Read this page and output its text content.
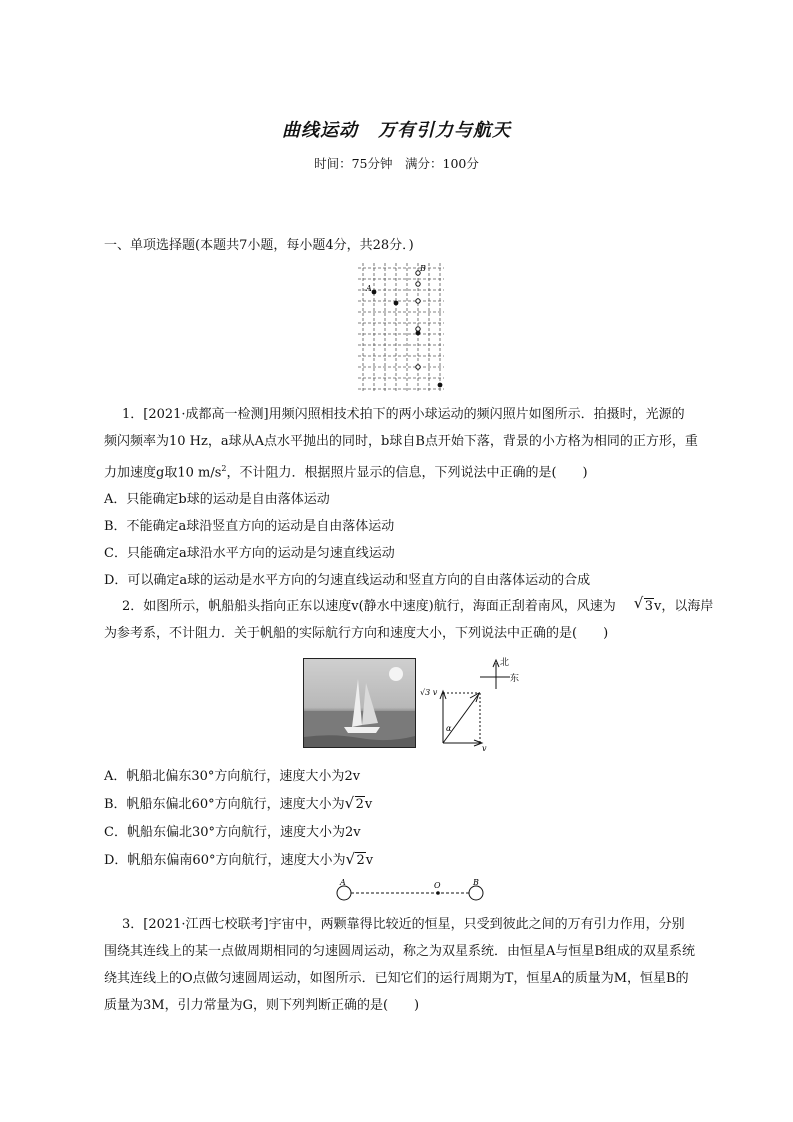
曲线运动 万有引力与航天
时间：75分钟　满分：100分
一、单项选择题(本题共7小题，每小题4分，共28分．)
A
B
1．[2021·成都高一检测]用频闪照相技术拍下的两小球运动的频闪照片如图所示．拍摄时，光源的
频闪频率为10 Hz，a球从A点水平抛出的同时，b球自B点开始下落，背景的小方格为相同的正方形，重
力加速度g取10 $m/s^2$，不计阻力．根据照片显示的信息，下列说法中正确的是(　　)
A．只能确定b球的运动是自由落体运动
B．不能确定a球沿竖直方向的运动是自由落体运动
C．只能确定a球沿水平方向的运动是匀速直线运动
D．可以确定a球的运动是水平方向的匀速直线运动和竖直方向的自由落体运动的合成
2．如图所示，帆船船头指向正东以速度v(静水中速度)航行，海面正刮着南风，风速为	√ 3v，以海岸
为参考系，不计阻力．关于帆船的实际航行方向和速度大小，下列说法中正确的是(　　)
北
东
√3 v
α
v
A．帆船北偏东30°方向航行，速度大小为2v
B．帆船东偏北60°方向航行，速度大小为 √ 2v
C．帆船东偏北30°方向航行，速度大小为2v
D．帆船东偏南60°方向航行，速度大小为 √ 2v
A	O	B
3．[2021·江西七校联考]宇宙中，两颗靠得比较近的恒星，只受到彼此之间的万有引力作用，分别
围绕其连线上的某一点做周期相同的匀速圆周运动，称之为双星系统．由恒星A与恒星B组成的双星系统
绕其连线上的O点做匀速圆周运动，如图所示．已知它们的运行周期为T，恒星A的质量为M，恒星B的
质量为3M，引力常量为G，则下列判断正确的是(　　)
